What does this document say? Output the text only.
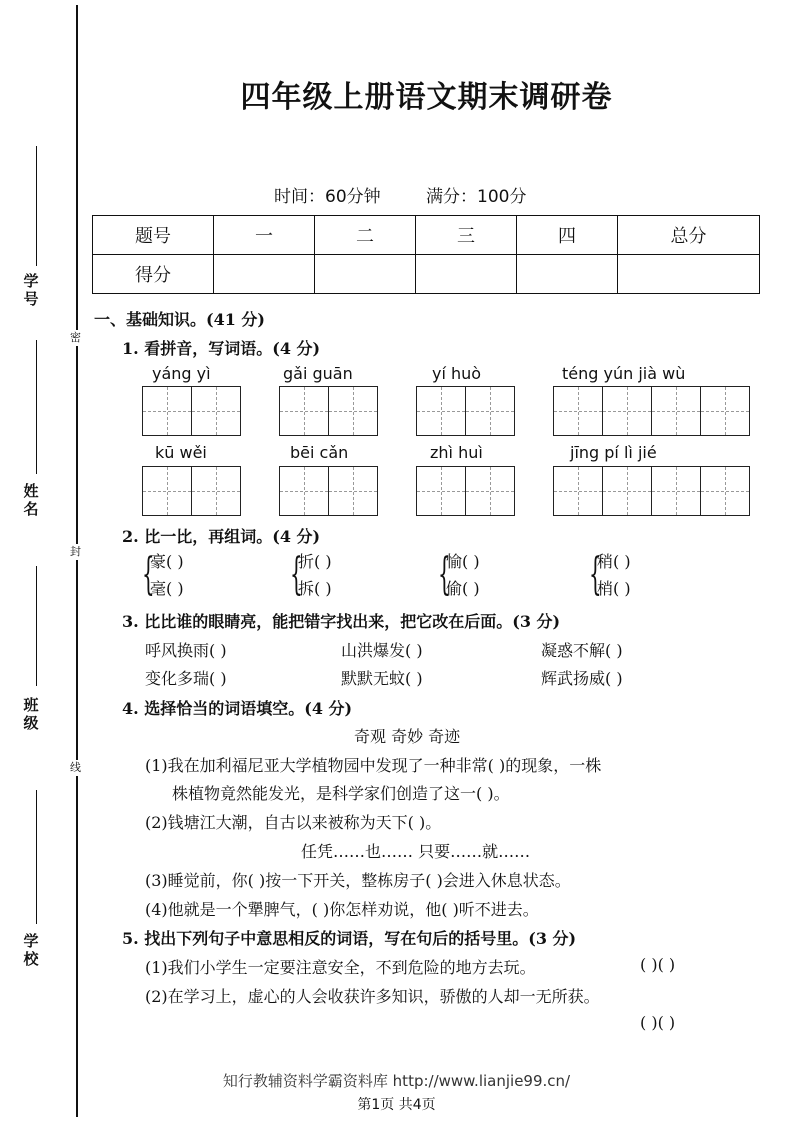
学 号
姓 名
班 级
学 校
密
封
线
四年级上册语文期末调研卷
时间：60分钟	满分：100分
题号	一	二	三	四	总分
得分					
一、基础知识。(41 分)
1. 看拼音，写词语。(4 分)
yáng yì	gǎi guān	yí huò	téng yún jià wù
kū wěi	bēi cǎn	zhì huì	jīng pí lì jié
2. 比一比，再组词。(4 分)
{
豪( )
毫( ) {
折( )
拆( ) {
愉( )
偷( ) {
稍( )
梢( )
3. 比比谁的眼睛亮，能把错字找出来，把它改在后面。(3 分)
呼风换雨( )	山洪爆发( )	凝惑不解( )
变化多瑞( )	默默无蚊( )	辉武扬威( )
4. 选择恰当的词语填空。(4 分)
奇观 奇妙 奇迹
(1)我在加利福尼亚大学植物园中发现了一种非常( )的现象，一株
株植物竟然能发光，是科学家们创造了这一( )。
(2)钱塘江大潮，自古以来被称为天下( )。
任凭……也…… 只要……就……
(3)睡觉前，你( )按一下开关，整栋房子( )会进入休息状态。
(4)他就是一个犟脾气，( )你怎样劝说，他( )听不进去。
5. 找出下列句子中意思相反的词语，写在句后的括号里。(3 分)
(1)我们小学生一定要注意安全，不到危险的地方去玩。	( )( )
(2)在学习上，虚心的人会收获许多知识，骄傲的人却一无所获。
( )( )
知行教辅资料学霸资料库 http://www.lianjie99.cn/
第1页 共4页
